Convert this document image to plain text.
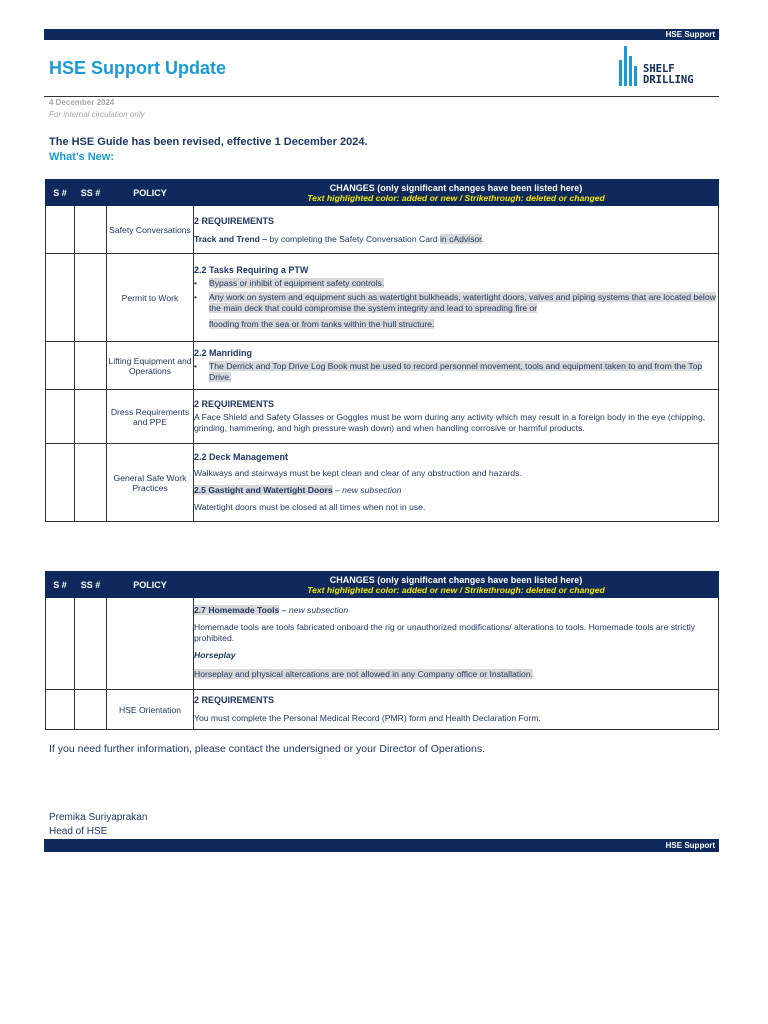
HSE Support
HSE Support Update	SHELF
DRILLING
4 December 2024
For internal circulation only
The HSE Guide has been revised, effective 1 December 2024.
What’s New:
S #	SS #	POLICY	CHANGES (only significant changes have been listed here)
Text highlighted color: added or new / Strikethrough: deleted or changed

		Safety Conversations	2 REQUIREMENTS
Track and Trend – by completing the Safety Conversation Card in cAdvisor.

		Permit to Work	2.2 Tasks Requiring a PTW
• Bypass or inhibit of equipment safety controls.
• Any work on system and equipment such as watertight bulkheads, watertight doors, valves and piping systems that are located below the main deck that could compromise the system integrity and lead to spreading fire or
flooding from the sea or from tanks within the hull structure.

		Lifting Equipment and Operations	2.2 Manriding
• The Derrick and Top Drive Log Book must be used to record personnel movement, tools and equipment taken to and from the Top Drive.

		Dress Requirements and PPE	2 REQUIREMENTS
A Face Shield and Safety Glasses or Goggles must be worn during any activity which may result in a foreign body in the eye (chipping, grinding, hammering, and high pressure wash down) and when handling corrosive or harmful products.

		General Safe Work Practices	2.2 Deck Management
Walkways and stairways must be kept clean and clear of any obstruction and hazards.
2.5 Gastight and Watertight Doors – new subsection
Watertight doors must be closed at all times when not in use.
S #	SS #	POLICY	CHANGES (only significant changes have been listed here)
Text highlighted color: added or new / Strikethrough: deleted or changed

			2.7 Homemade Tools – new subsection
Homemade tools are tools fabricated onboard the rig or unauthorized modifications/ alterations to tools. Homemade tools are strictly prohibited.
Horseplay
Horseplay and physical altercations are not allowed in any Company office or Installation.

		HSE Orientation	2 REQUIREMENTS
You must complete the Personal Medical Record (PMR) form and Health Declaration Form.
If you need further information, please contact the undersigned or your Director of Operations.
Premika Suriyaprakan
Head of HSE
HSE Support
